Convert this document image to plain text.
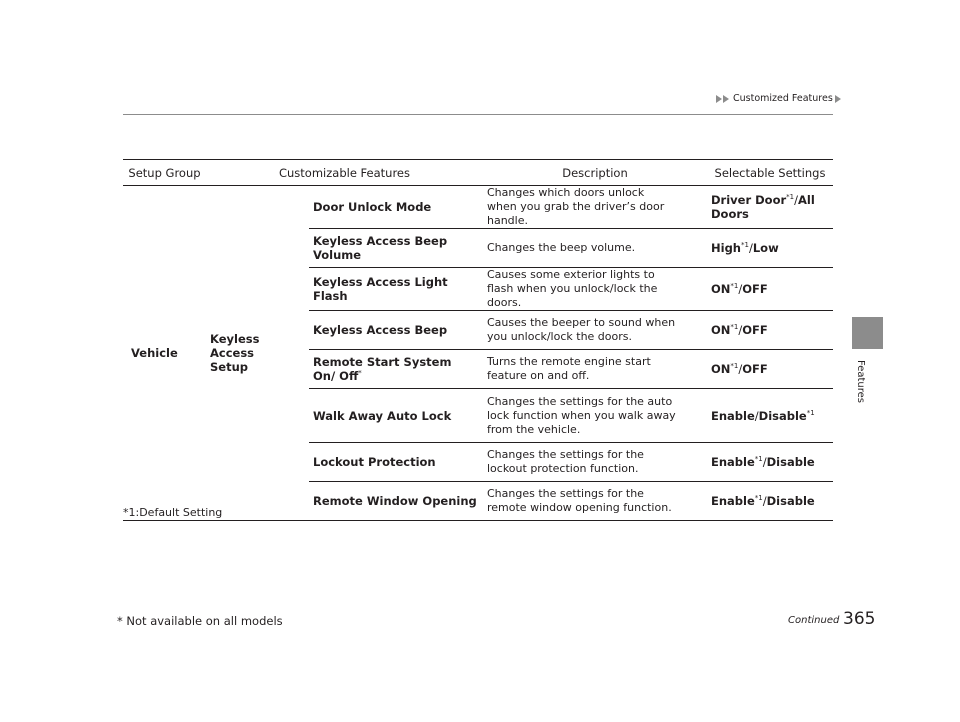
Customized Features
Features
Setup Group	Customizable Features		Description	Selectable Settings
Vehicle	Keyless Access Setup	Door Unlock Mode	Changes which doors unlock when you grab the driver’s door handle.	Driver Door$^{*1}$/All Doors
		Keyless Access Beep Volume	Changes the beep volume.	High$^{*1}$/Low
		Keyless Access Light Flash	Causes some exterior lights to flash when you unlock/lock the doors.	ON$^{*1}$/OFF
		Keyless Access Beep	Causes the beeper to sound when you unlock/lock the doors.	ON$^{*1}$/OFF
		Remote Start System On/ Off*	Turns the remote engine start feature on and off.	ON$^{*1}$/OFF
		Walk Away Auto Lock	Changes the settings for the auto lock function when you walk away from the vehicle.	Enable/Disable$^{*1}$
		Lockout Protection	Changes the settings for the lockout protection function.	Enable$^{*1}$/Disable
		Remote Window Opening	Changes the settings for the remote window opening function.	Enable$^{*1}$/Disable
*1:Default Setting
Continued 365
* Not available on all models
